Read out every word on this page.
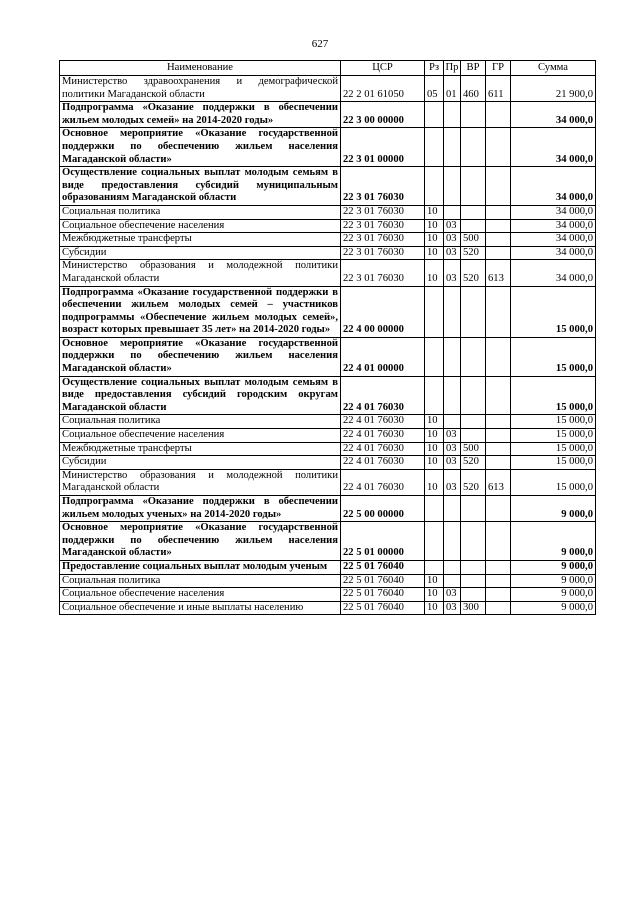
627
Наименование	ЦСР	Рз	Пр	ВР	ГР	Сумма
Министерство здравоохранения и демографической политики Магаданской области	22 2 01 61050	05	01	460	611	21 900,0
Подпрограмма «Оказание поддержки в обеспечении жильем молодых семей» на 2014-2020 годы»	22 3 00 00000					34 000,0
Основное мероприятие «Оказание государственной поддержки по обеспечению жильем населения Магаданской области»	22 3 01 00000					34 000,0
Осуществление социальных выплат молодым семьям в виде предоставления субсидий муниципальным образованиям Магаданской области	22 3 01 76030					34 000,0
Социальная политика	22 3 01 76030	10				34 000,0
Социальное обеспечение населения	22 3 01 76030	10	03			34 000,0
Межбюджетные трансферты	22 3 01 76030	10	03	500		34 000,0
Субсидии	22 3 01 76030	10	03	520		34 000,0
Министерство образования и молодежной политики Магаданской области	22 3 01 76030	10	03	520	613	34 000,0
Подпрограмма «Оказание государственной поддержки в обеспечении жильем молодых семей – участников подпрограммы «Обеспечение жильем молодых семей», возраст которых превышает 35 лет» на 2014-2020 годы»	22 4 00 00000					15 000,0
Основное мероприятие «Оказание государственной поддержки по обеспечению жильем населения Магаданской области»	22 4 01 00000					15 000,0
Осуществление социальных выплат молодым семьям в виде предоставления субсидий городским округам Магаданской области	22 4 01 76030					15 000,0
Социальная политика	22 4 01 76030	10				15 000,0
Социальное обеспечение населения	22 4 01 76030	10	03			15 000,0
Межбюджетные трансферты	22 4 01 76030	10	03	500		15 000,0
Субсидии	22 4 01 76030	10	03	520		15 000,0
Министерство образования и молодежной политики Магаданской области	22 4 01 76030	10	03	520	613	15 000,0
Подпрограмма «Оказание поддержки в обеспечении жильем молодых ученых» на 2014-2020 годы»	22 5 00 00000					9 000,0
Основное мероприятие «Оказание государственной поддержки по обеспечению жильем населения Магаданской области»	22 5 01 00000					9 000,0
Предоставление социальных выплат молодым ученым	22 5 01 76040					9 000,0
Социальная политика	22 5 01 76040	10				9 000,0
Социальное обеспечение населения	22 5 01 76040	10	03			9 000,0
Социальное обеспечение и иные выплаты населению	22 5 01 76040	10	03	300		9 000,0
